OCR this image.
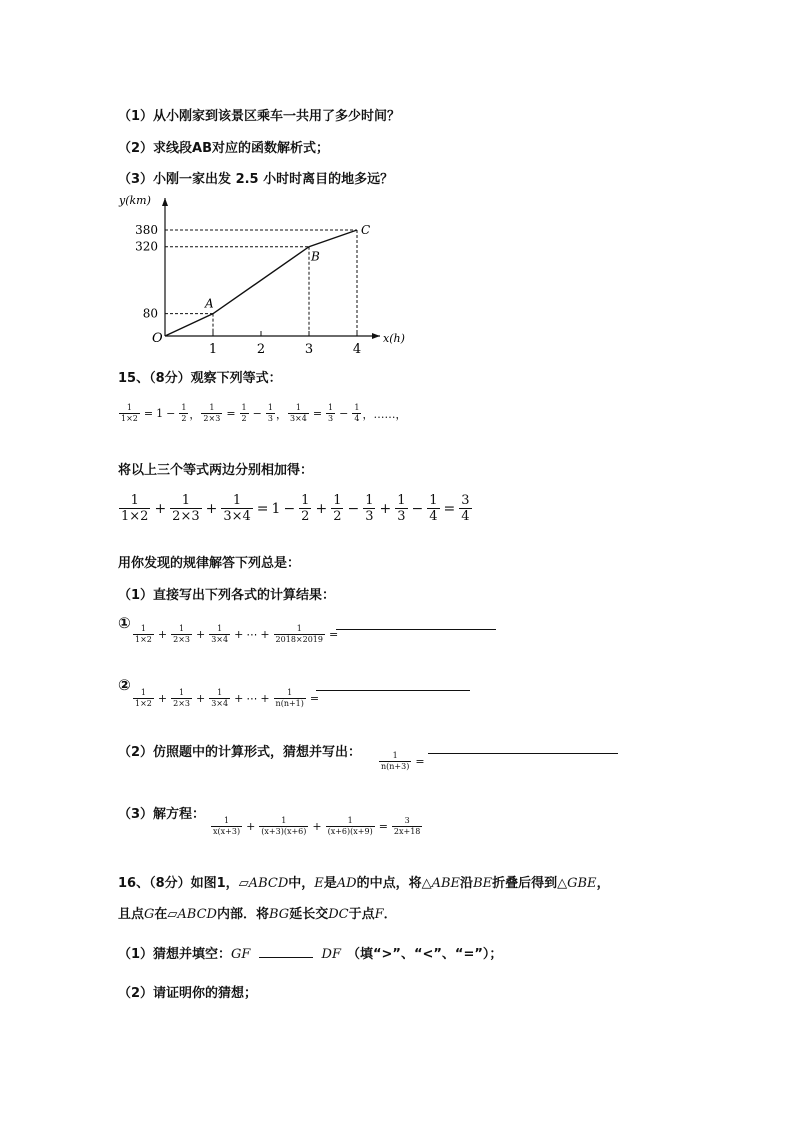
（1）从小刚家到该景区乘车一共用了多少时间？
（2）求线段AB对应的函数解析式；
（3）小刚一家出发 2.5 小时时离目的地多远？
y(km)
x(h)
O
1	2	3	4
80
320
380
A
B
C
15、（8分）观察下列等式：
$\frac{1}{1\times 2} = 1 - \frac{1}{2}$ ， $\frac{1}{2\times 3} = \frac{1}{2} - \frac{1}{3}$ ， $\frac{1}{3\times 4} = \frac{1}{3} - \frac{1}{4}$ ，……，
将以上三个等式两边分别相加得：
1
$1\times 2 + \frac{1}{2\times 3} + \frac{1}{3\times 4} = 1 - \frac{1}{2} + \frac{1}{2} - \frac{1}{3} + \frac{1}{3} - \frac{1}{4} = \frac{3}{4}$
用你发现的规律解答下列总是：
（1）直接写出下列各式的计算结果：
① 1
$1\times 2 + \frac{1}{2\times 3} + \frac{1}{3\times 4}$ + ⋯ + $\frac{1}{2018\times 2019}$ =
② 1
$1\times 2 + \frac{1}{2\times 3} + \frac{1}{3\times 4}$ + ⋯ + $\frac{1}{n(n+1)}$ =
（2）仿照题中的计算形式，猜想并写出： $\frac{1}{n(n+3)}$ =
（3）解方程： 1
$x(x+3) + \frac{1}{(x+3)(x+6)} + \frac{1}{(x+6)(x+9)} = \frac{3}{2x+18}$
16、（8分）如图1，▱ABCD中，E是AD的中点，将△ABE沿BE折叠后得到△GBE，
且点G在▱ABCD内部．将BG延长交DC于点F．
（1）猜想并填空：GF	DF （填“>”、“<”、“=”）；
（2）请证明你的猜想；
